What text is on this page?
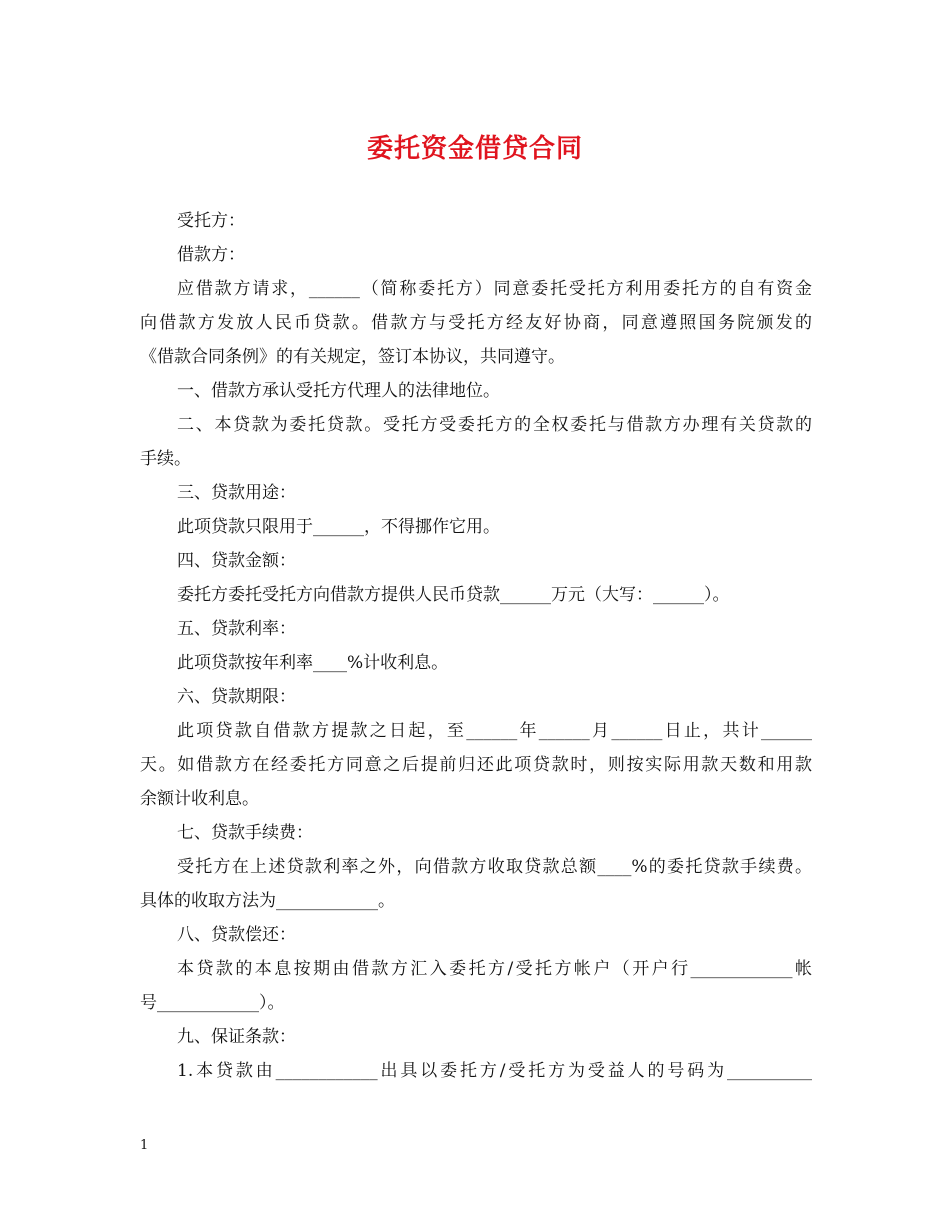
委托资金借贷合同
受托方：
借款方：
应借款方请求，______（简称委托方）同意委托受托方利用委托方的自有资金
向借款方发放人民币贷款。借款方与受托方经友好协商，同意遵照国务院颁发的
《借款合同条例》的有关规定，签订本协议，共同遵守。
一、借款方承认受托方代理人的法律地位。
二、本贷款为委托贷款。受托方受委托方的全权委托与借款方办理有关贷款的
手续。
三、贷款用途：
此项贷款只限用于______，不得挪作它用。
四、贷款金额：
委托方委托受托方向借款方提供人民币贷款______万元（大写：______）。
五、贷款利率：
此项贷款按年利率____%计收利息。
六、贷款期限：
此项贷款自借款方提款之日起，至______年______月______日止，共计______
天。如借款方在经委托方同意之后提前归还此项贷款时，则按实际用款天数和用款
余额计收利息。
七、贷款手续费：
受托方在上述贷款利率之外，向借款方收取贷款总额____%的委托贷款手续费。
具体的收取方法为____________。
八、贷款偿还：
本贷款的本息按期由借款方汇入委托方/受托方帐户（开户行____________帐
号____________）。
九、保证条款：
1.本贷款由____________出具以委托方/受托方为受益人的号码为__________
1
